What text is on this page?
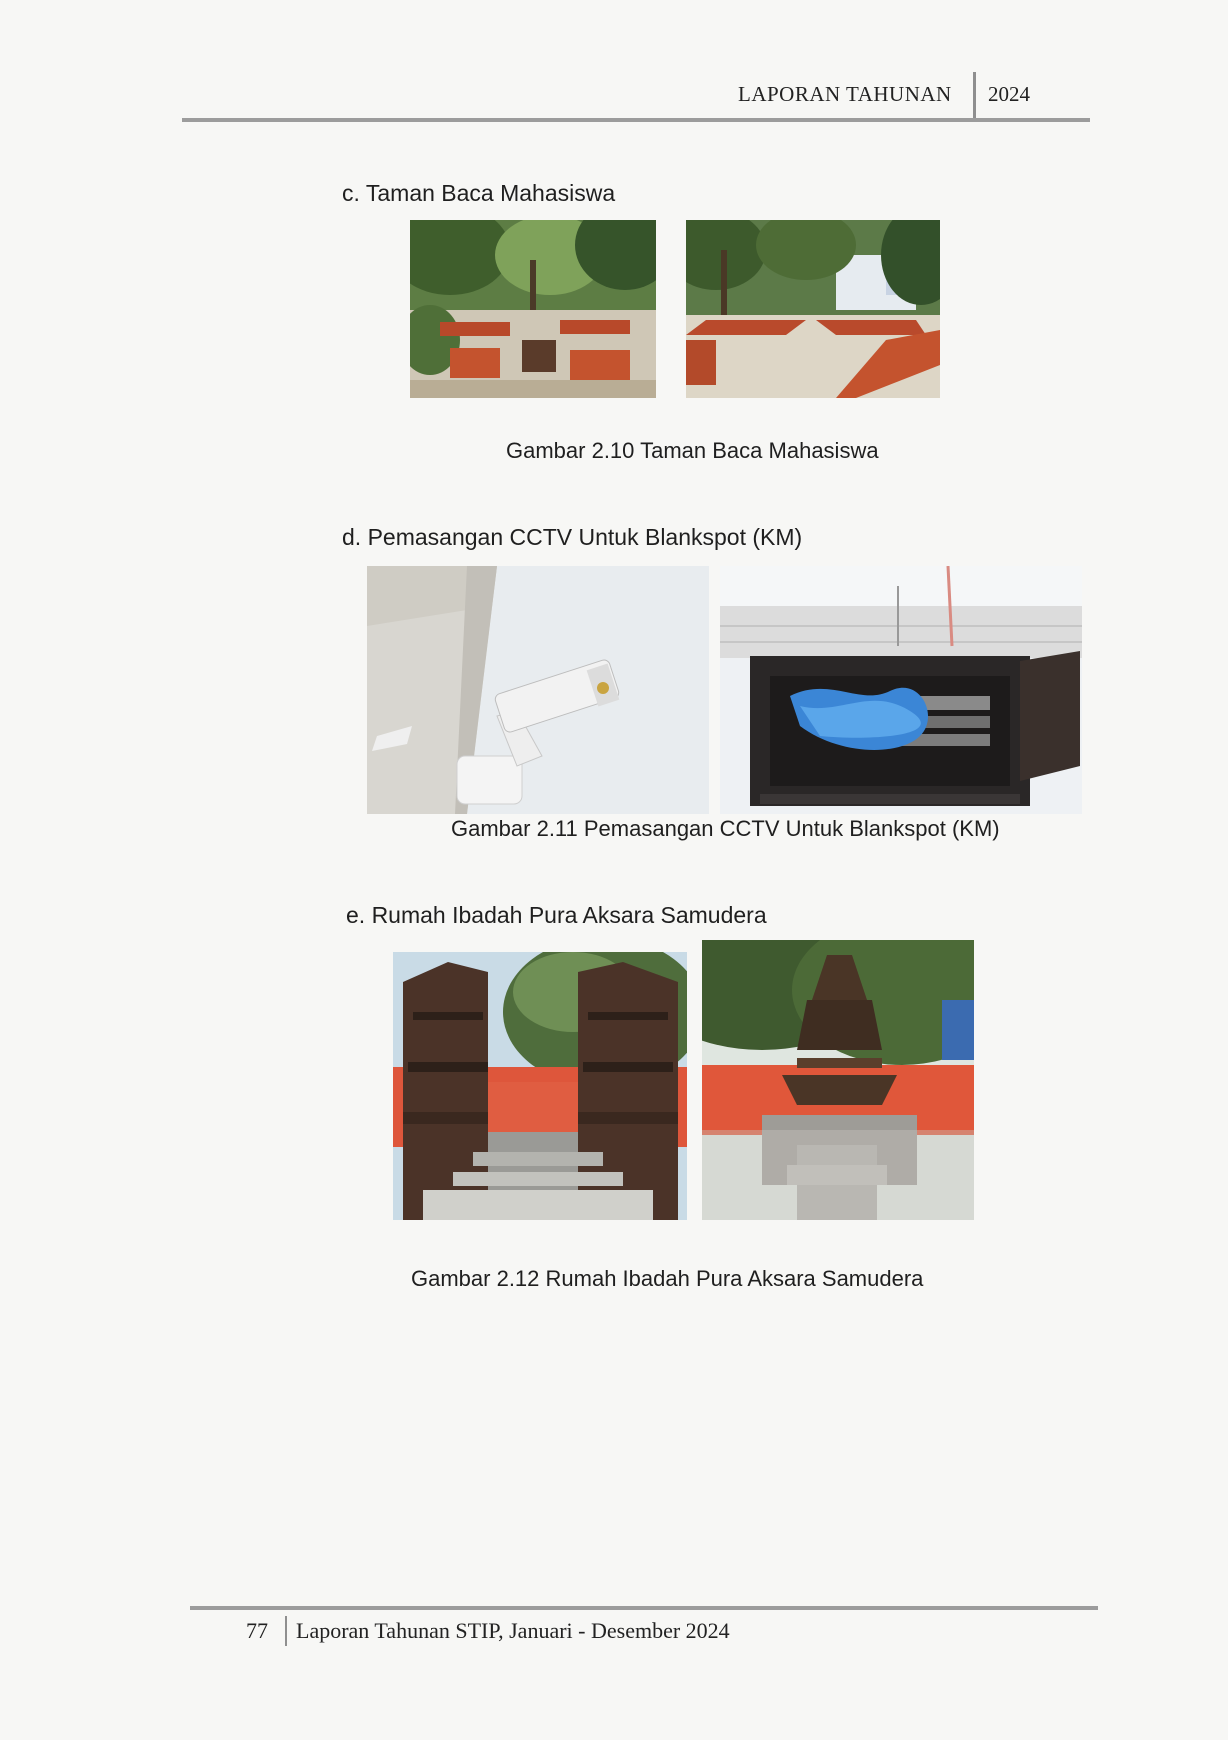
LAPORAN TAHUNAN 2024
c. Taman Baca Mahasiswa
Gambar 2.10 Taman Baca Mahasiswa
d. Pemasangan CCTV Untuk Blankspot (KM)
Gambar 2.11 Pemasangan CCTV Untuk Blankspot (KM)
e. Rumah Ibadah Pura Aksara Samudera
Gambar 2.12 Rumah Ibadah Pura Aksara Samudera
77 Laporan Tahunan STIP, Januari - Desember 2024
